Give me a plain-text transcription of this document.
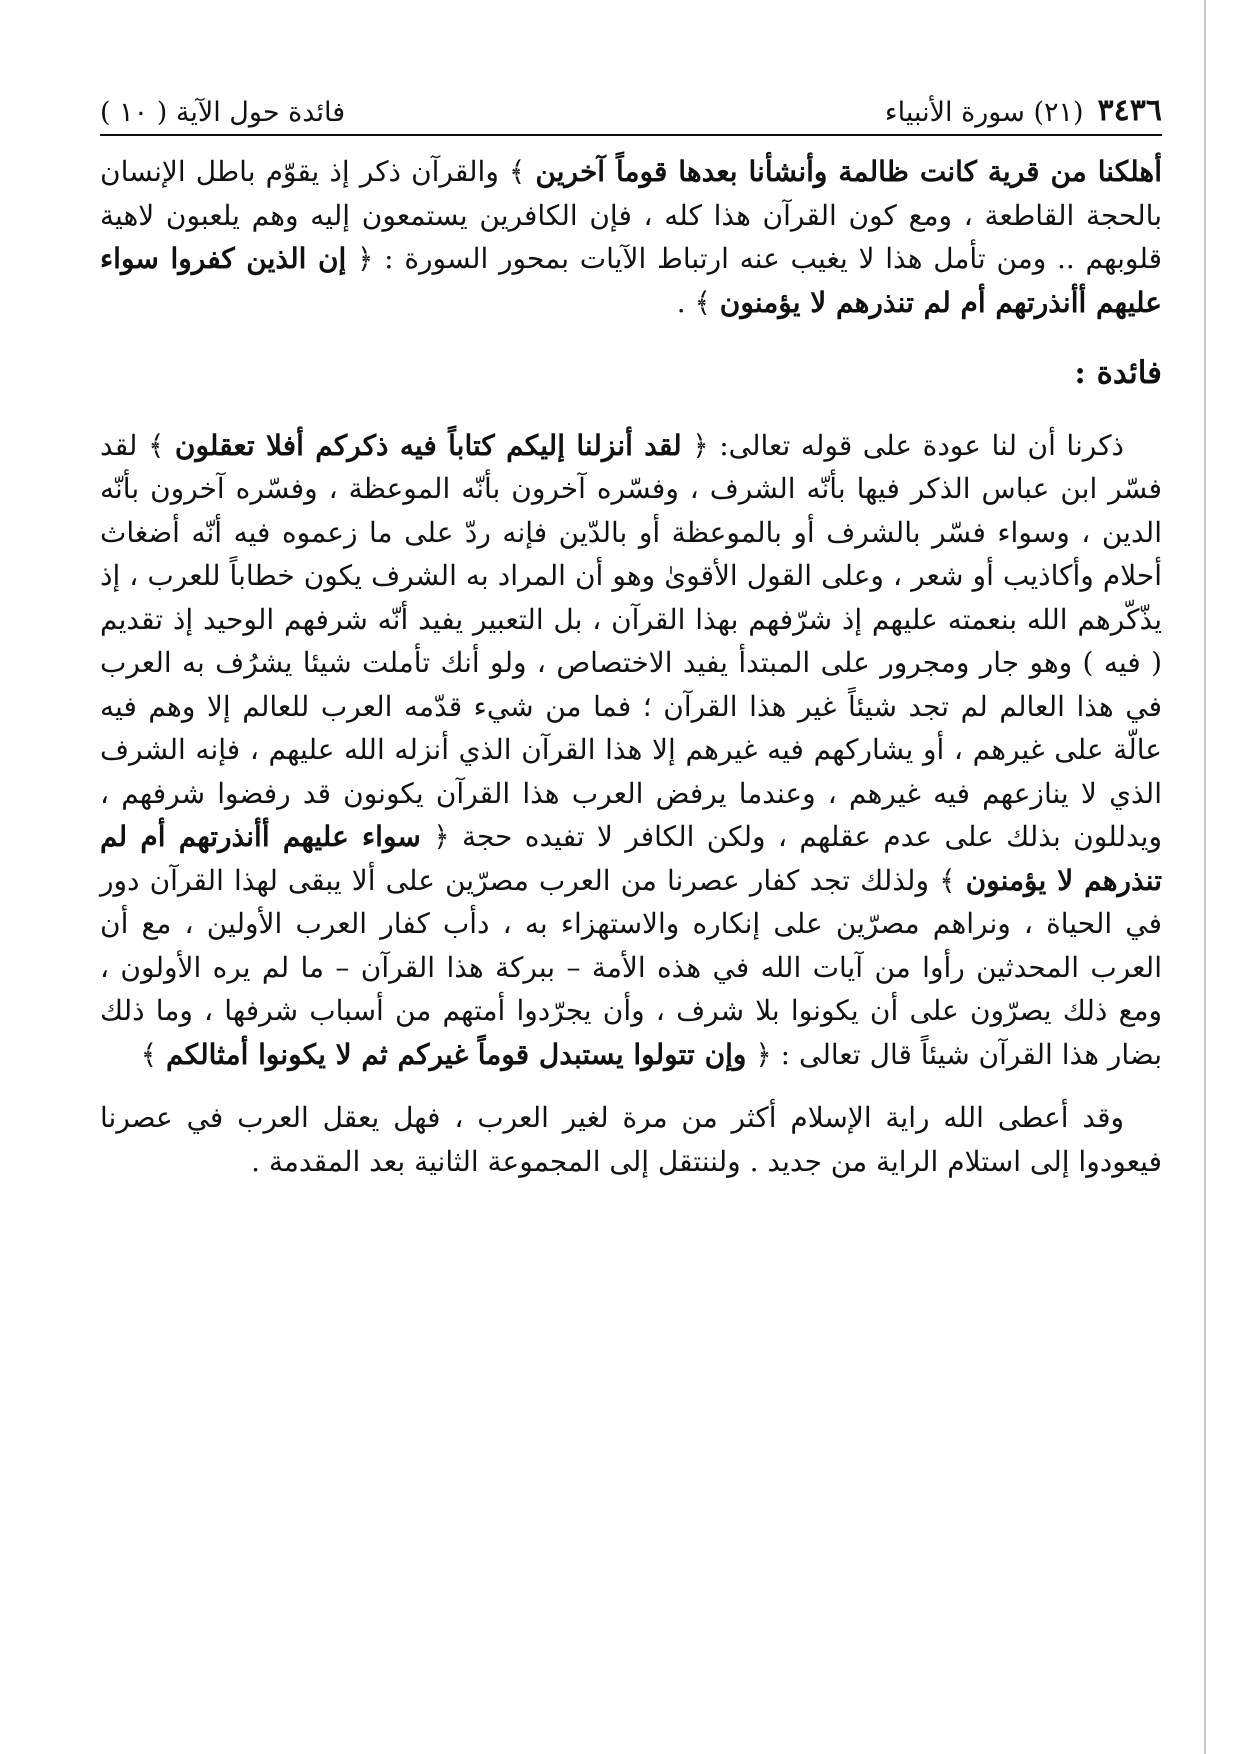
٣٤٣٦
(٢١) سورة الأنبياء
فائدة حول الآية ( ١٠ )

أهلكنا من قرية كانت ظالمة وأنشأنا بعدها قوماً آخرين ﴾ والقرآن ذكر إذ يقوّم باطل الإنسان بالحجة القاطعة ، ومع كون القرآن هذا كله ، فإن الكافرين يستمعون إليه وهم يلعبون لاهية قلوبهم .. ومن تأمل هذا لا يغيب عنه ارتباط الآيات بمحور السورة : ﴿ إن الذين كفروا سواء عليهم أأنذرتهم أم لم تنذرهم لا يؤمنون ﴾ .

فائدة :

ذكرنا أن لنا عودة على قوله تعالى: ﴿ لقد أنزلنا إليكم كتاباً فيه ذكركم أفلا تعقلون ﴾ لقد فسّر ابن عباس الذكر فيها بأنّه الشرف ، وفسّره آخرون بأنّه الموعظة ، وفسّره آخرون بأنّه الدين ، وسواء فسّر بالشرف أو بالموعظة أو بالدّين فإنه ردّ على ما زعموه فيه أنّه أضغاث أحلام وأكاذيب أو شعر ، وعلى القول الأقوىٰ وهو أن المراد به الشرف يكون خطاباً للعرب ، إذ يذّكّرهم الله بنعمته عليهم إذ شرّفهم بهذا القرآن ، بل التعبير يفيد أنّه شرفهم الوحيد إذ تقديم ( فيه ) وهو جار ومجرور على المبتدأ يفيد الاختصاص ، ولو أنك تأملت شيئا يشرُف به العرب في هذا العالم لم تجد شيئاً غير هذا القرآن ؛ فما من شيء قدّمه العرب للعالم إلا وهم فيه عالّة على غيرهم ، أو يشاركهم فيه غيرهم إلا هذا القرآن الذي أنزله الله عليهم ، فإنه الشرف الذي لا ينازعهم فيه غيرهم ، وعندما يرفض العرب هذا القرآن يكونون قد رفضوا شرفهم ، ويدللون بذلك على عدم عقلهم ، ولكن الكافر لا تفيده حجة ﴿ سواء عليهم أأنذرتهم أم لم تنذرهم لا يؤمنون ﴾ ولذلك تجد كفار عصرنا من العرب مصرّين على ألا يبقى لهذا القرآن دور في الحياة ، ونراهم مصرّين على إنكاره والاستهزاء به ، دأب كفار العرب الأولين ، مع أن العرب المحدثين رأوا من آيات الله في هذه الأمة – ببركة هذا القرآن – ما لم يره الأولون ، ومع ذلك يصرّون على أن يكونوا بلا شرف ، وأن يجرّدوا أمتهم من أسباب شرفها ، وما ذلك بضار هذا القرآن شيئاً قال تعالى : ﴿ وإن تتولوا يستبدل قوماً غيركم ثم لا يكونوا أمثالكم ﴾

وقد أعطى الله راية الإسلام أكثر من مرة لغير العرب ، فهل يعقل العرب في عصرنا فيعودوا إلى استلام الراية من جديد . ولننتقل إلى المجموعة الثانية بعد المقدمة .
